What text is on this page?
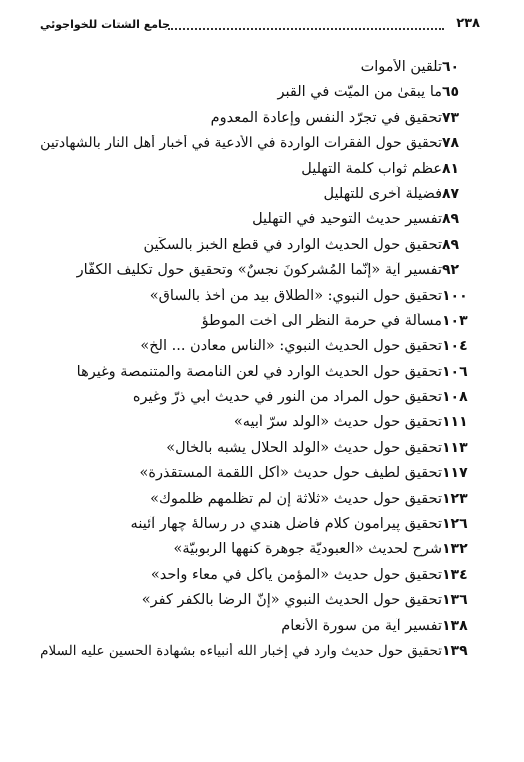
جامع الشتات للخواجوئي	٢٣٨
تلقين الأموات ٦٠
ما يبقىٰ من الميّت في القبر ٦٥
تحقيق في تجرّد النفس وإعادة المعدوم ٧٣
تحقيق حول الفقرات الواردة في الأدعية في أخبار أهل النار بالشهادتين ٧٨
عظم ثواب كلمة التهليل ٨١
فضيلة اُخرى للتهليل ٨٧
تفسير حديث التوحيد في التهليل ٨٩
تحقيق حول الحديث الوارد في قطع الخبز بالسكّين ٨٩
تفسير آية «إنّما المُشركونَ نجسٌ» وتحقيق حول تكليف الكفّار ٩٢
تحقيق حول النبوي: «الطلاق بيد من أخذ بالساق» ١٠٠
مسألة في حرمة النظر الى اُخت الموطؤ ١٠٣
تحقيق حول الحديث النبوي: «الناس معادن ... الخ» ١٠٤
تحقيق حول الحديث الوارد في لعن النامصة والمتنمصة وغيرها ١٠٦
تحقيق حول المراد من النور في حديث أبي ذرّ وغيره ١٠٨
تحقيق حول حديث «الولد سرّ أبيه» ١١١
تحقيق حول حديث «الولد الحلال يشبه بالخال» ١١٣
تحقيق لطيف حول حديث «أكل اللقمة المستقذرة» ١١٧
تحقيق حول حديث «ثلاثة إن لم تظلمهم ظلموك» ١٢٣
تحقيق پيرامون كلام فاضل هندي در رسالهٔ چهار آئينه ١٢٦
شرح لحديث «العبوديّة جوهرة كنهها الربوبيّة» ١٣٢
تحقيق حول حديث «المؤمن يأكل في معاء واحد» ١٣٤
تحقيق حول الحديث النبوي «إنّ الرضا بالكفر كفر» ١٣٦
تفسير آية من سورة الأنعام ١٣٨
تحقيق حول حديث وارد في إخبار الله أنبياءه بشهادة الحسين عليه السلام ١٣٩
